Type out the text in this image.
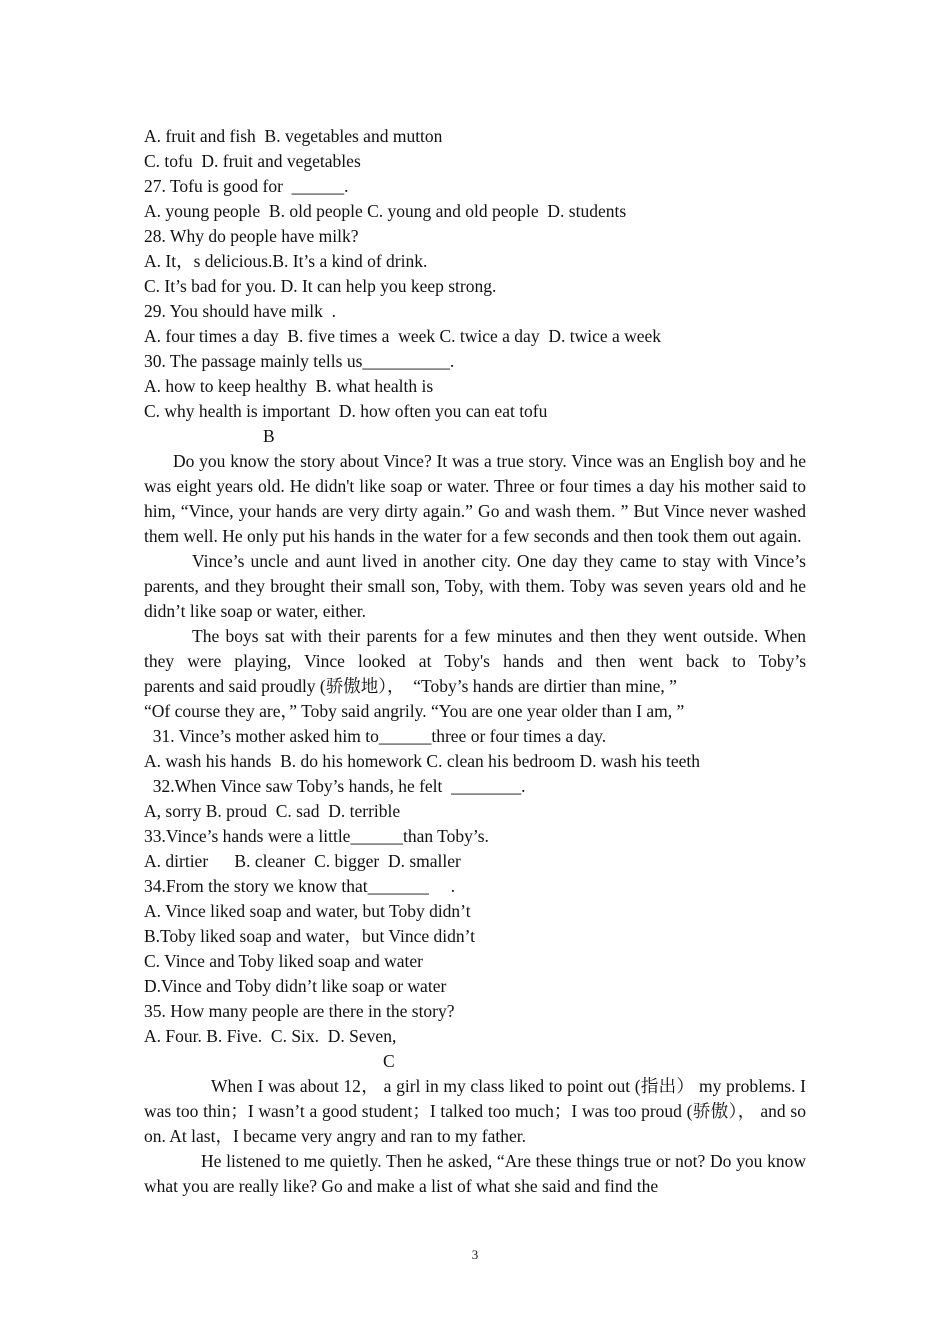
A. fruit and fish  B. vegetables and mutton
C. tofu  D. fruit and vegetables
27. Tofu is good for  ______.
A. young people  B. old people C. young and old people  D. students
28. Why do people have milk?
A. It，s delicious.B. It’s a kind of drink.
C. It’s bad for you. D. It can help you keep strong.
29. You should have milk  .
A. four times a day  B. five times a  week C. twice a day  D. twice a week
30. The passage mainly tells us__________.
A. how to keep healthy  B. what health is
C. why health is important  D. how often you can eat tofu
B

Do you know the story about Vince? It was a true story. Vince was an English boy and he was eight years old. He didn't like soap or water. Three or four times a day his mother said to him, “Vince, your hands are very dirty again.” Go and wash them. ” But Vince never washed them well. He only put his hands in the water for a few seconds and then took them out again.

Vince’s uncle and aunt lived in another city. One day they came to stay with Vince’s parents, and they brought their small son, Toby, with them. Toby was seven years old and he didn’t like soap or water, either.

The boys sat with their parents for a few minutes and then they went outside. When they were playing, Vince looked at Toby's hands and then went back to Toby’s

parents and said proudly (骄傲地），  “Toby’s hands are dirtier than mine, ”
“Of course they are，” Toby said angrily. “You are one year older than I am, ”
31. Vince’s mother asked him to______three or four times a day.
A. wash his hands  B. do his homework C. clean his bedroom D. wash his teeth
32.When Vince saw Toby’s hands, he felt  ________.
A, sorry B. proud  C. sad  D. terrible
33.Vince’s hands were a little______than Toby’s.
A. dirtier      B. cleaner  C. bigger  D. smaller
34.From the story we know that_______     .
A. Vince liked soap and water, but Toby didn’t
B.Toby liked soap and water，but Vince didn’t
C. Vince and Toby liked soap and water
D.Vince and Toby didn’t like soap or water
35. How many people are there in the story?
A. Four. B. Five.  C. Six.  D. Seven,
C

When I was about 12， a girl in my class liked to point out (指出） my problems. I was too thin；I wasn’t a good student；I talked too much；I was too proud (骄傲）， and so on. At last，I became very angry and ran to my father.

He listened to me quietly. Then he asked, “Are these things true or not? Do you know what you are really like? Go and make a list of what she said and find the

3
